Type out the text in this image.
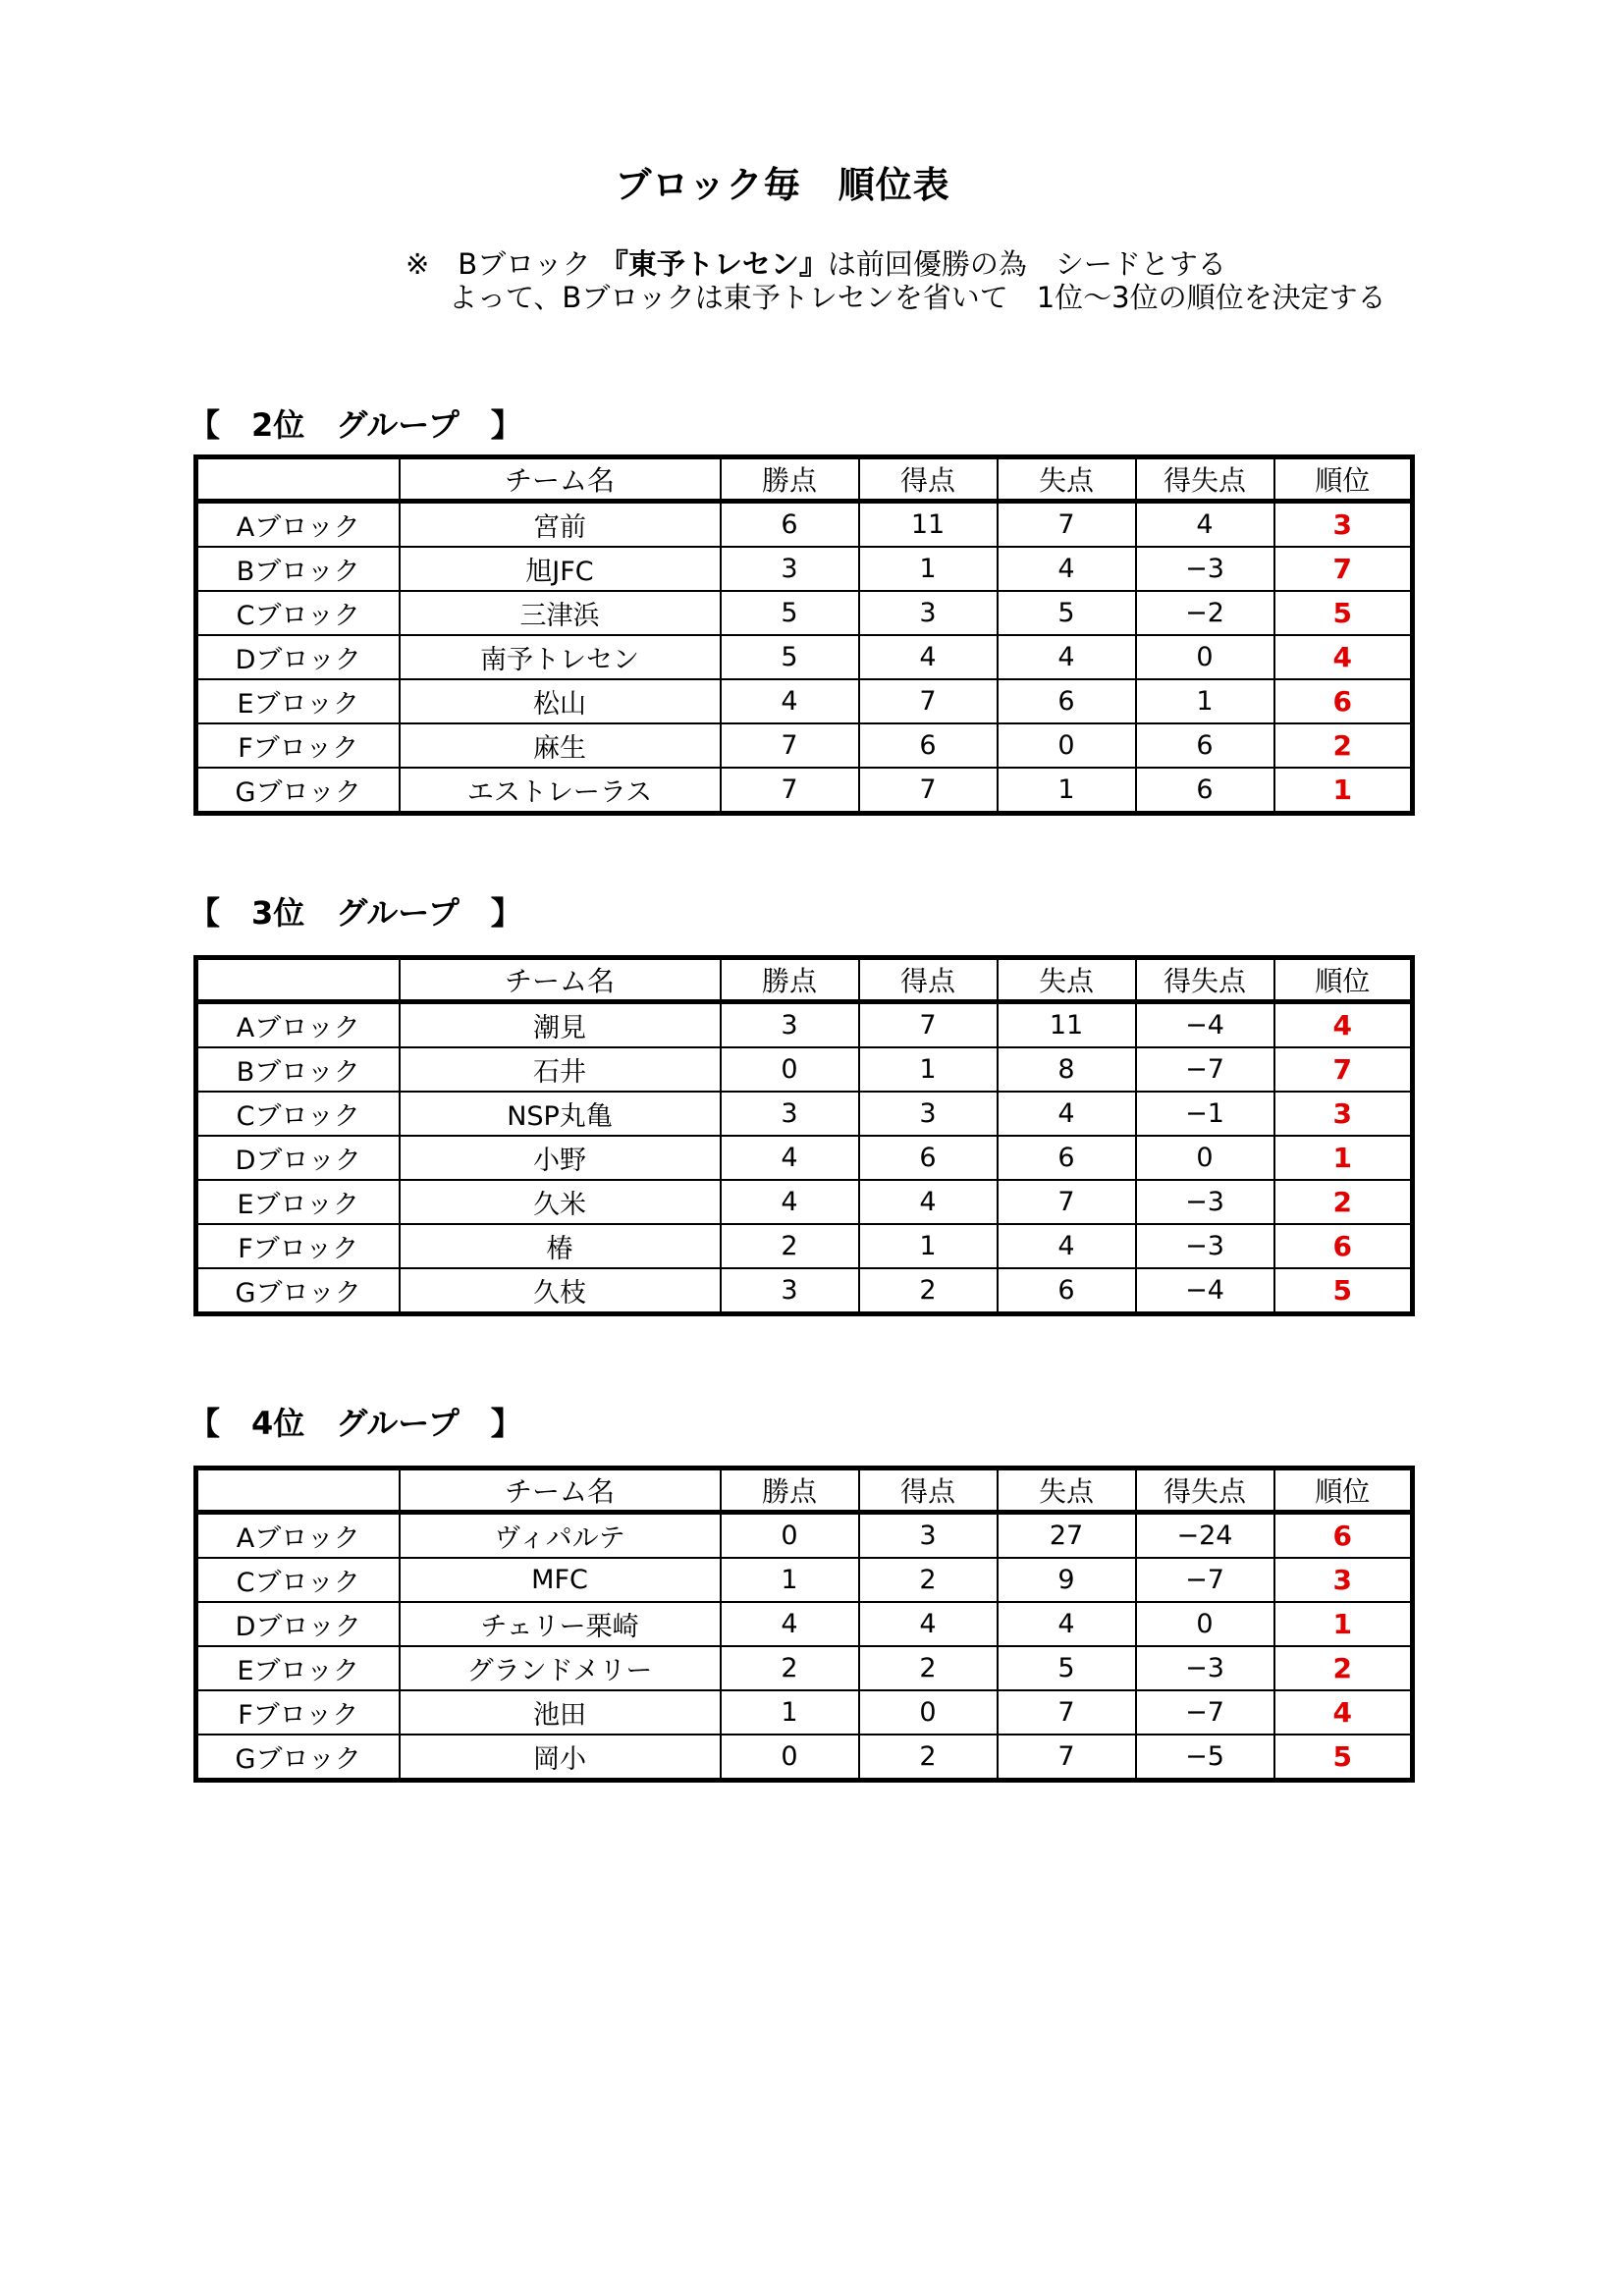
ブロック毎　順位表
※　Bブロック 『東予トレセン』は前回優勝の為　シードとする
よって、Bブロックは東予トレセンを省いて　1位～3位の順位を決定する
【　2位　グループ　】
	チーム名	勝点	得点	失点	得失点	順位
Aブロック	宮前	6	11	7	4	3
Bブロック	旭JFC	3	1	4	−3	7
Cブロック	三津浜	5	3	5	−2	5
Dブロック	南予トレセン	5	4	4	0	4
Eブロック	松山	4	7	6	1	6
Fブロック	麻生	7	6	0	6	2
Gブロック	エストレーラス	7	7	1	6	1
【　3位　グループ　】
	チーム名	勝点	得点	失点	得失点	順位
Aブロック	潮見	3	7	11	−4	4
Bブロック	石井	0	1	8	−7	7
Cブロック	NSP丸亀	3	3	4	−1	3
Dブロック	小野	4	6	6	0	1
Eブロック	久米	4	4	7	−3	2
Fブロック	椿	2	1	4	−3	6
Gブロック	久枝	3	2	6	−4	5
【　4位　グループ　】
	チーム名	勝点	得点	失点	得失点	順位
Aブロック	ヴィパルテ	0	3	27	−24	6
Cブロック	MFC	1	2	9	−7	3
Dブロック	チェリー栗崎	4	4	4	0	1
Eブロック	グランドメリー	2	2	5	−3	2
Fブロック	池田	1	0	7	−7	4
Gブロック	岡小	0	2	7	−5	5
